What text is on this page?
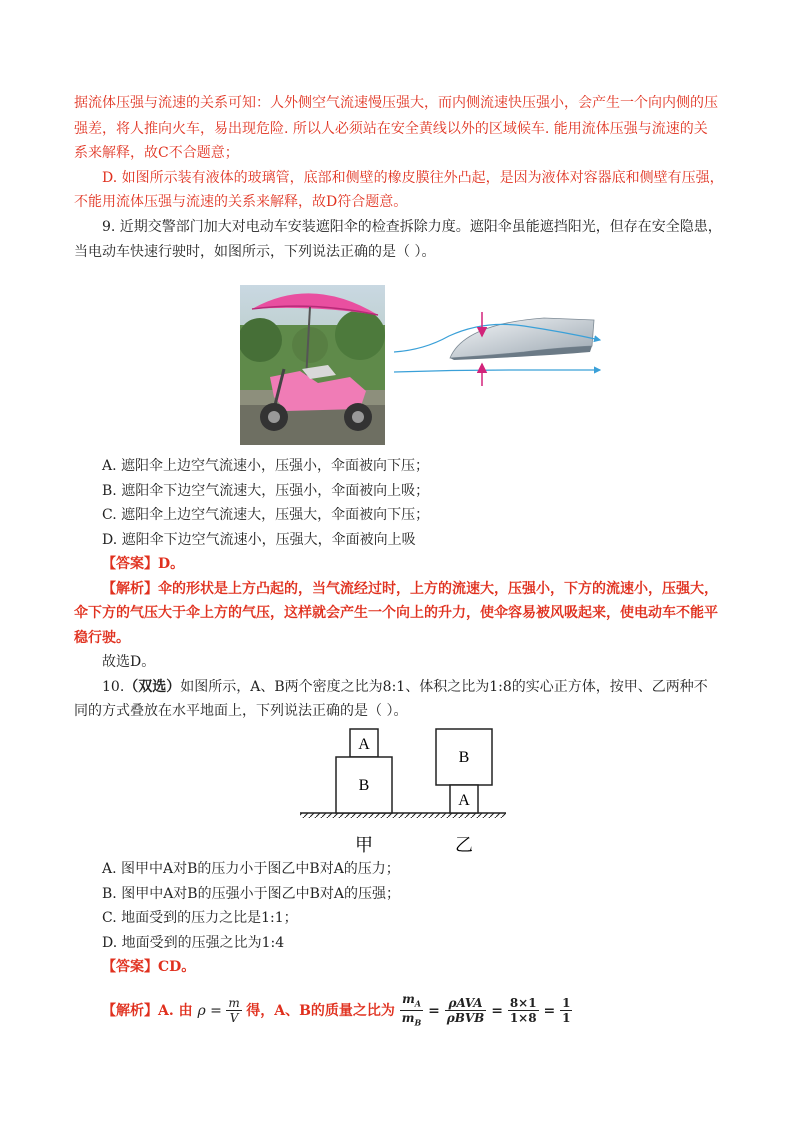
据流体压强与流速的关系可知：人外侧空气流速慢压强大，而内侧流速快压强小，会产生一个向内侧的压
强差，将人推向火车，易出现危险. 所以人必须站在安全黄线以外的区域候车. 能用流体压强与流速的关
系来解释，故C不合题意；
D. 如图所示装有液体的玻璃管，底部和侧壁的橡皮膜往外凸起，是因为液体对容器底和侧壁有压强，
不能用流体压强与流速的关系来解释，故D符合题意。
9. 近期交警部门加大对电动车安装遮阳伞的检查拆除力度。遮阳伞虽能遮挡阳光，但存在安全隐患，
当电动车快速行驶时，如图所示，下列说法正确的是（ ）。
A. 遮阳伞上边空气流速小，压强小，伞面被向下压；
B. 遮阳伞下边空气流速大，压强小，伞面被向上吸；
C. 遮阳伞上边空气流速大，压强大，伞面被向下压；
D. 遮阳伞下边空气流速小，压强大，伞面被向上吸
【答案】D。
【解析】伞的形状是上方凸起的，当气流经过时，上方的流速大，压强小，下方的流速小，压强大，
伞下方的气压大于伞上方的气压，这样就会产生一个向上的升力，使伞容易被风吸起来，使电动车不能平
稳行驶。
故选D。
10.（双选）如图所示，A、B两个密度之比为8:1、体积之比为1:8的实心正方体，按甲、乙两种不
同的方式叠放在水平地面上，下列说法正确的是（ ）。
A
B
B
A
甲	乙
A. 图甲中A对B的压力小于图乙中B对A的压力；
B. 图甲中A对B的压强小于图乙中B对A的压强；
C. 地面受到的压力之比是1:1；
D. 地面受到的压强之比为1:4
【答案】CD。
【解析】A. 由 $\rho = \frac{m}{V}$ 得，A、B的质量之比为 $\frac{m_A}{m_B} = \frac{\text{ρAVA}}{\text{ρBVB}} = \frac{8\times 1}{1\times 8} = \frac{1}{1}$
